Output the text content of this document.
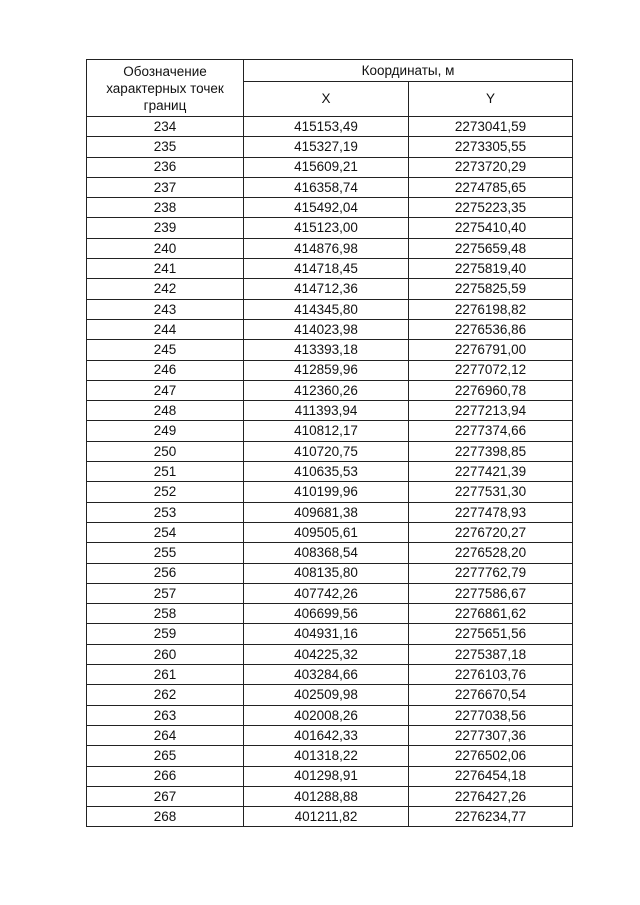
Обозначение характерных точек границ	Координаты, м	
	X	Y
234	415153,49	2273041,59
235	415327,19	2273305,55
236	415609,21	2273720,29
237	416358,74	2274785,65
238	415492,04	2275223,35
239	415123,00	2275410,40
240	414876,98	2275659,48
241	414718,45	2275819,40
242	414712,36	2275825,59
243	414345,80	2276198,82
244	414023,98	2276536,86
245	413393,18	2276791,00
246	412859,96	2277072,12
247	412360,26	2276960,78
248	411393,94	2277213,94
249	410812,17	2277374,66
250	410720,75	2277398,85
251	410635,53	2277421,39
252	410199,96	2277531,30
253	409681,38	2277478,93
254	409505,61	2276720,27
255	408368,54	2276528,20
256	408135,80	2277762,79
257	407742,26	2277586,67
258	406699,56	2276861,62
259	404931,16	2275651,56
260	404225,32	2275387,18
261	403284,66	2276103,76
262	402509,98	2276670,54
263	402008,26	2277038,56
264	401642,33	2277307,36
265	401318,22	2276502,06
266	401298,91	2276454,18
267	401288,88	2276427,26
268	401211,82	2276234,77
